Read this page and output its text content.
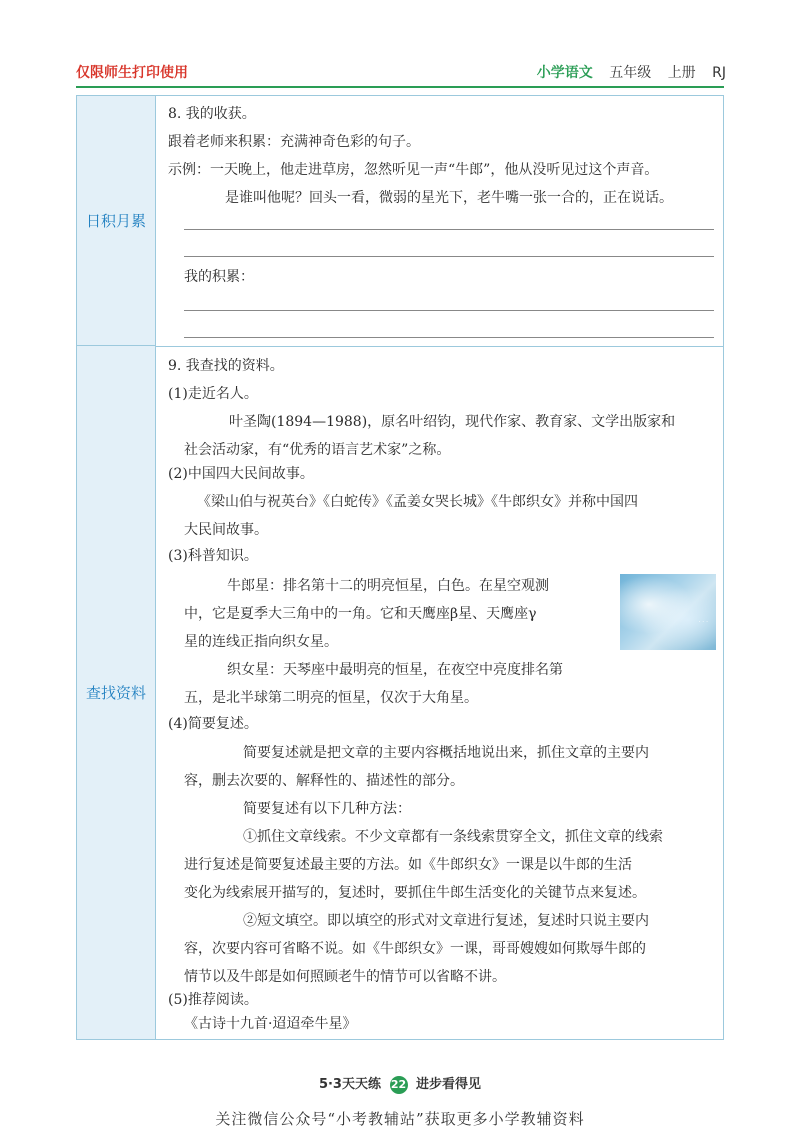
仅限师生打印使用	小学语文 五年级 上册 RJ
日积月累
查找资料
8. 我的收获。
跟着老师来积累：充满神奇色彩的句子。
示例：一天晚上，他走进草房，忽然听见一声“牛郎”，他从没听见过这个声音。
是谁叫他呢？回头一看，微弱的星光下，老牛嘴一张一合的，正在说话。
我的积累：
9. 我查找的资料。
(1)走近名人。
叶圣陶(1894—1988)，原名叶绍钧，现代作家、教育家、文学出版家和
社会活动家，有“优秀的语言艺术家”之称。
(2)中国四大民间故事。
《梁山伯与祝英台》《白蛇传》《孟姜女哭长城》《牛郎织女》并称中国四
大民间故事。
(3)科普知识。
牛郎星：排名第十二的明亮恒星，白色。在星空观测
中，它是夏季大三角中的一角。它和天鹰座β星、天鹰座γ
星的连线正指向织女星。
织女星：天琴座中最明亮的恒星，在夜空中亮度排名第
五，是北半球第二明亮的恒星，仅次于大角星。
· · ·
(4)简要复述。
简要复述就是把文章的主要内容概括地说出来，抓住文章的主要内
容，删去次要的、解释性的、描述性的部分。
简要复述有以下几种方法：
①抓住文章线索。不少文章都有一条线索贯穿全文，抓住文章的线索
进行复述是简要复述最主要的方法。如《牛郎织女》一课是以牛郎的生活
变化为线索展开描写的，复述时，要抓住牛郎生活变化的关键节点来复述。
②短文填空。即以填空的形式对文章进行复述，复述时只说主要内
容，次要内容可省略不说。如《牛郎织女》一课，哥哥嫂嫂如何欺辱牛郎的
情节以及牛郎是如何照顾老牛的情节可以省略不讲。
(5)推荐阅读。
《古诗十九首·迢迢牵牛星》
5·3天天练 22 进步看得见
关注微信公众号“小考教辅站”获取更多小学教辅资料
